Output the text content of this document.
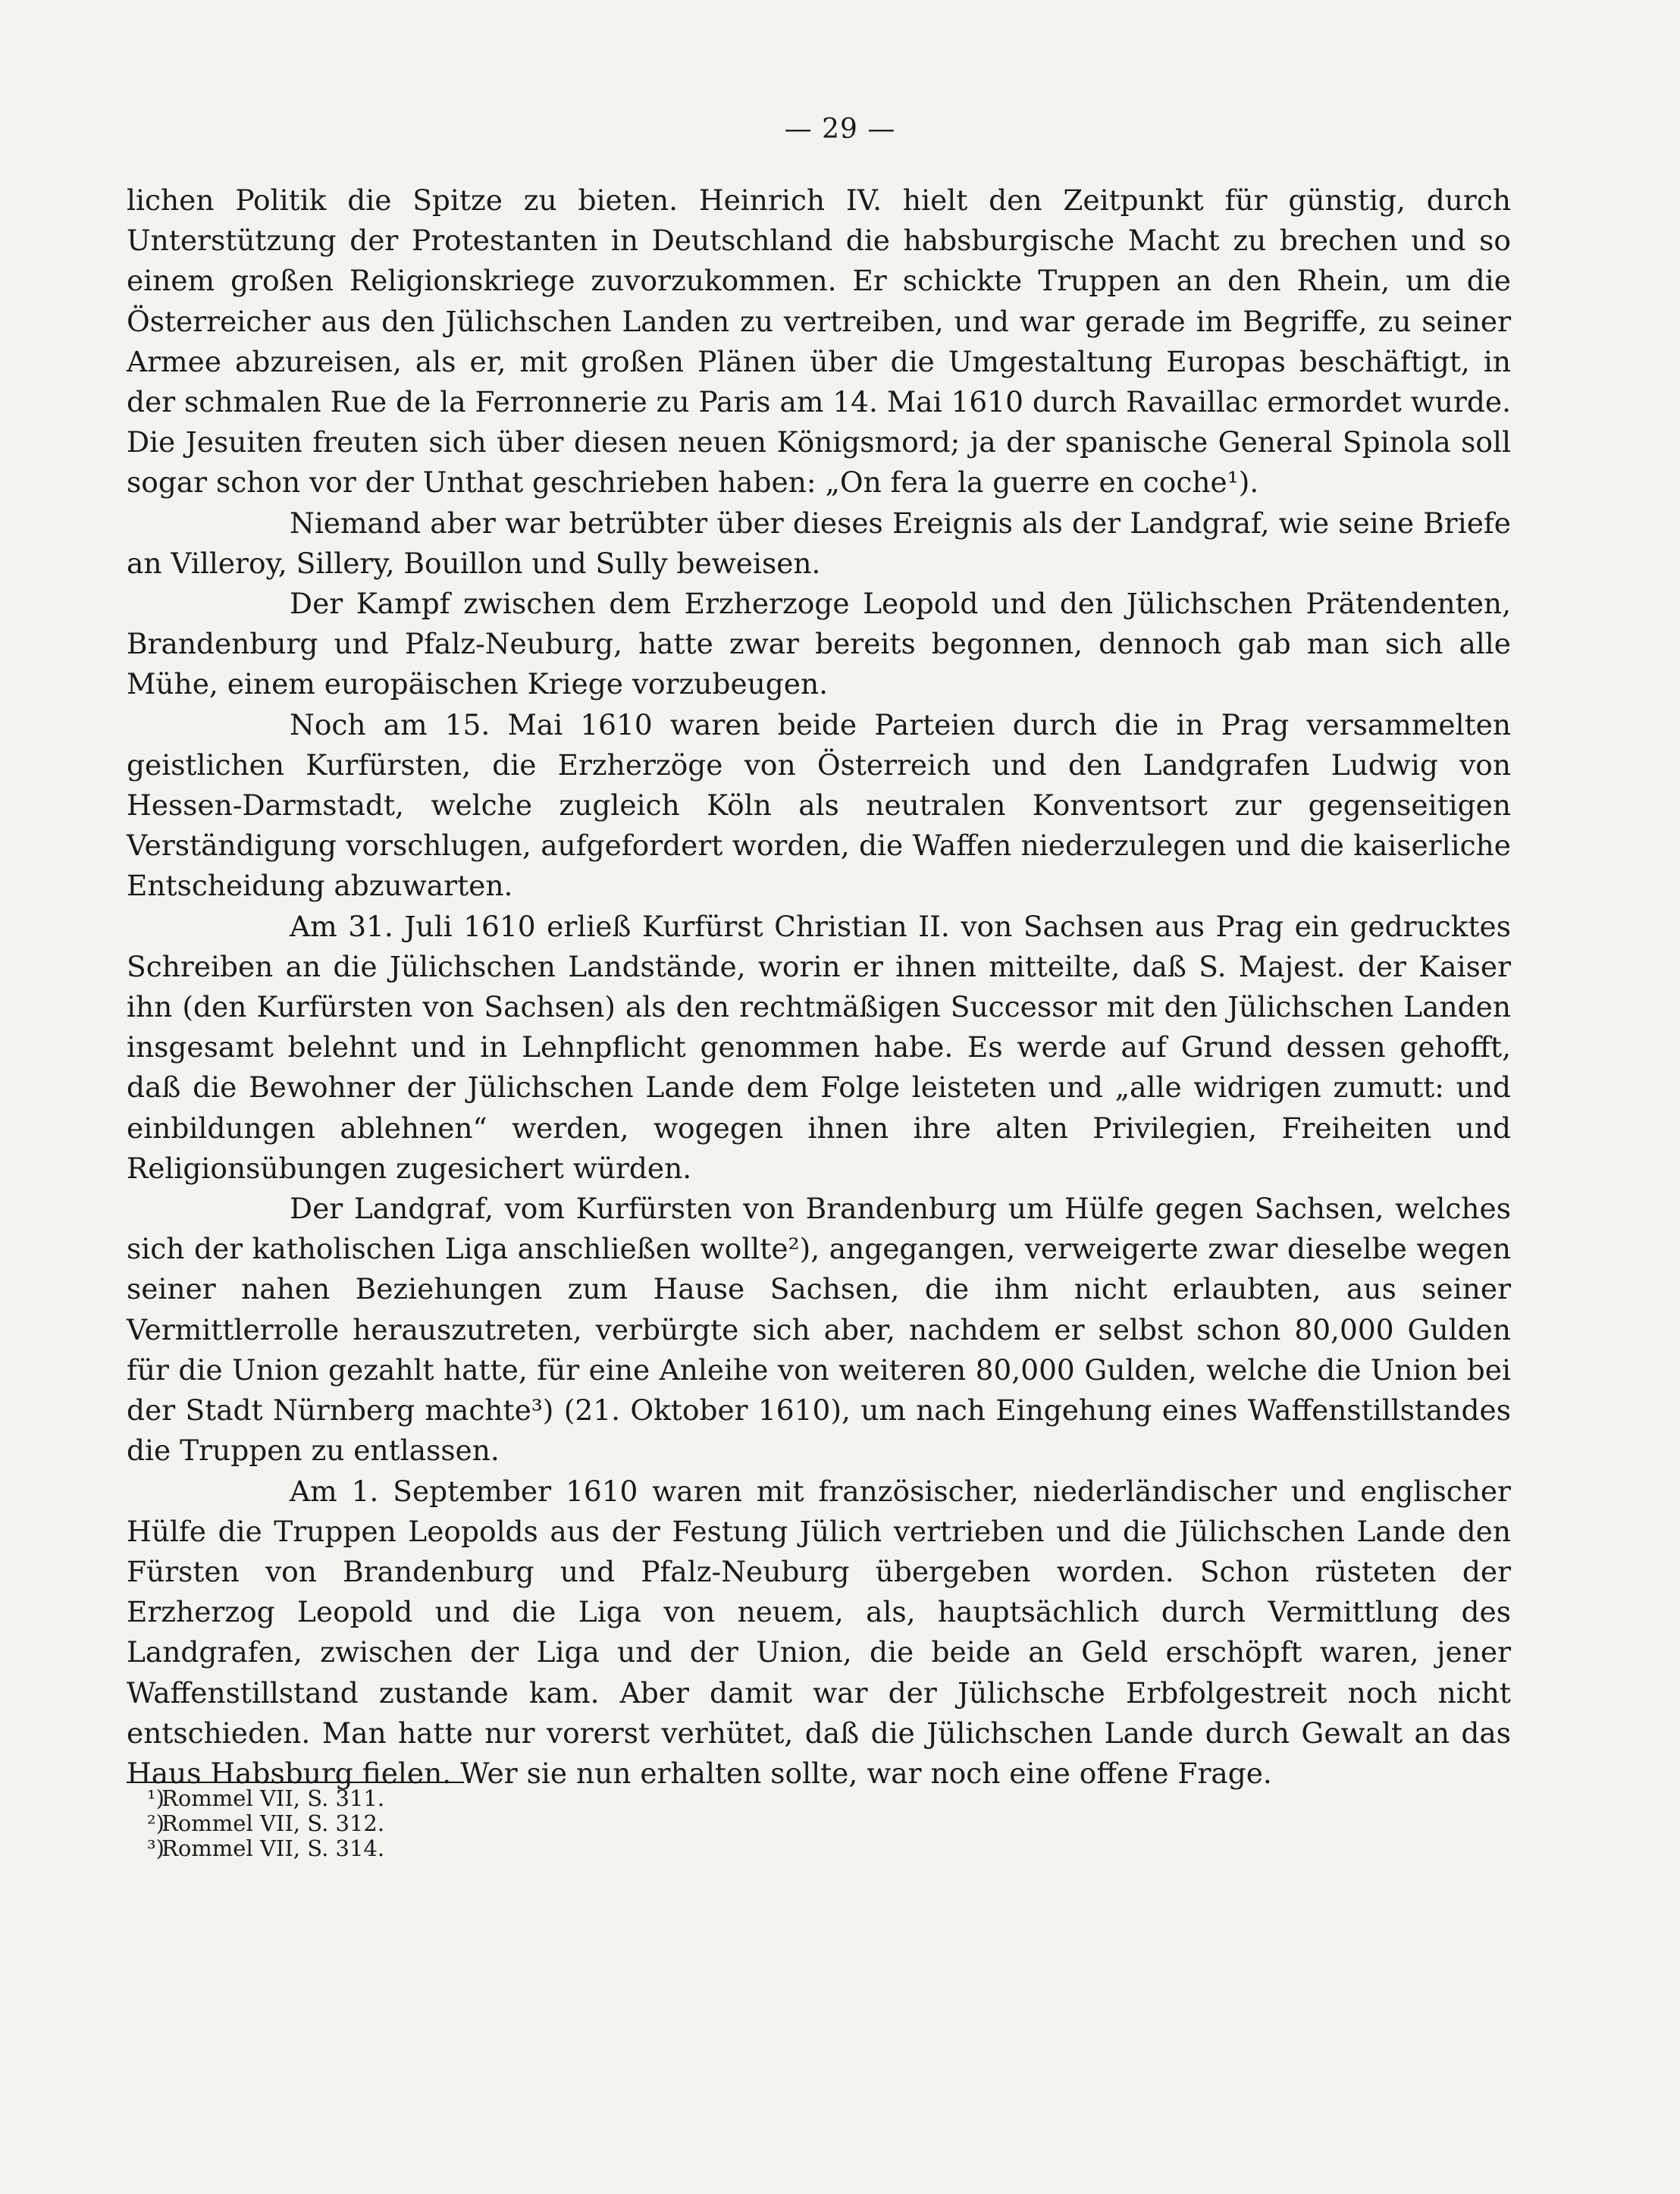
— 29 —

lichen Politik die Spitze zu bieten. Heinrich IV. hielt den Zeitpunkt für günstig, durch Unterstützung der Protestanten in Deutschland die habsburgische Macht zu brechen und so einem großen Religionskriege zuvorzukommen. Er schickte Truppen an den Rhein, um die Österreicher aus den Jülichschen Landen zu vertreiben, und war gerade im Begriffe, zu seiner Armee abzureisen, als er, mit großen Plänen über die Umgestaltung Europas beschäftigt, in der schmalen Rue de la Ferronnerie zu Paris am 14. Mai 1610 durch Ravaillac ermordet wurde. Die Jesuiten freuten sich über diesen neuen Königsmord; ja der spanische General Spinola soll sogar schon vor der Unthat geschrieben haben: „On fera la guerre en coche¹).

Niemand aber war betrübter über dieses Ereignis als der Landgraf, wie seine Briefe an Villeroy, Sillery, Bouillon und Sully beweisen.

Der Kampf zwischen dem Erzherzoge Leopold und den Jülichschen Prätendenten, Brandenburg und Pfalz-Neuburg, hatte zwar bereits begonnen, dennoch gab man sich alle Mühe, einem europäischen Kriege vorzubeugen.

Noch am 15. Mai 1610 waren beide Parteien durch die in Prag versammelten geistlichen Kurfürsten, die Erzherzöge von Österreich und den Landgrafen Ludwig von Hessen-Darmstadt, welche zugleich Köln als neutralen Konventsort zur gegenseitigen Verständigung vorschlugen, aufgefordert worden, die Waffen niederzulegen und die kaiserliche Entscheidung abzuwarten.

Am 31. Juli 1610 erließ Kurfürst Christian II. von Sachsen aus Prag ein gedrucktes Schreiben an die Jülichschen Landstände, worin er ihnen mitteilte, daß S. Majest. der Kaiser ihn (den Kurfürsten von Sachsen) als den rechtmäßigen Successor mit den Jülichschen Landen insgesamt belehnt und in Lehnpflicht genommen habe. Es werde auf Grund dessen gehofft, daß die Bewohner der Jülichschen Lande dem Folge leisteten und „alle widrigen zumutt: und einbildungen ablehnen“ werden, wogegen ihnen ihre alten Privilegien, Freiheiten und Religionsübungen zugesichert würden.

Der Landgraf, vom Kurfürsten von Brandenburg um Hülfe gegen Sachsen, welches sich der katholischen Liga anschließen wollte²), angegangen, verweigerte zwar dieselbe wegen seiner nahen Beziehungen zum Hause Sachsen, die ihm nicht erlaubten, aus seiner Vermittlerrolle herauszutreten, verbürgte sich aber, nachdem er selbst schon 80,000 Gulden für die Union gezahlt hatte, für eine Anleihe von weiteren 80,000 Gulden, welche die Union bei der Stadt Nürnberg machte³) (21. Oktober 1610), um nach Eingehung eines Waffenstillstandes die Truppen zu entlassen.

Am 1. September 1610 waren mit französischer, niederländischer und englischer Hülfe die Truppen Leopolds aus der Festung Jülich vertrieben und die Jülichschen Lande den Fürsten von Brandenburg und Pfalz-Neuburg übergeben worden. Schon rüsteten der Erzherzog Leopold und die Liga von neuem, als, hauptsächlich durch Vermittlung des Landgrafen, zwischen der Liga und der Union, die beide an Geld erschöpft waren, jener Waffenstillstand zustande kam. Aber damit war der Jülichsche Erbfolgestreit noch nicht entschieden. Man hatte nur vorerst verhütet, daß die Jülichschen Lande durch Gewalt an das Haus Habsburg fielen. Wer sie nun erhalten sollte, war noch eine offene Frage.

¹)
Rommel VII, S. 311.

²)
Rommel VII, S. 312.

³)
Rommel VII, S. 314.
